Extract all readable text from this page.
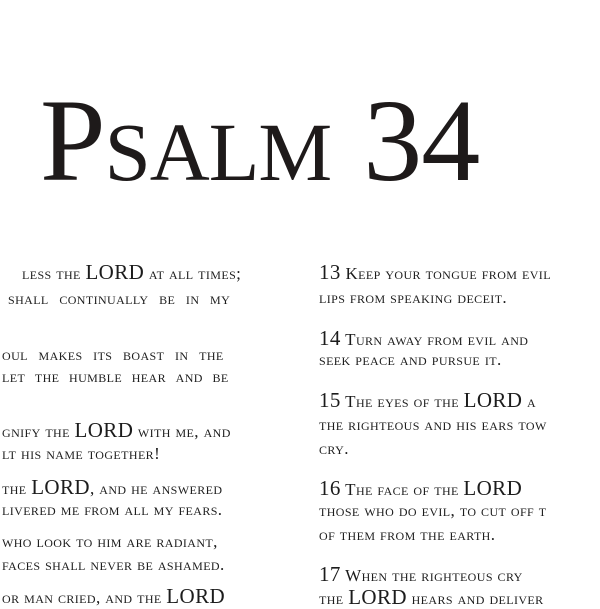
Psalm 34
less the LORD at all times;
shall continually be in my
oul makes its boast in the
let the humble hear and be
gnify the LORD with me, and
lt his name together!
the LORD, and he answered
livered me from all my fears.
who look to him are radiant,
faces shall never be ashamed.
or man cried, and the LORD
13 Keep your tongue from evil
lips from speaking deceit.
14 Turn away from evil and
seek peace and pursue it.
15 The eyes of the LORD a
the righteous and his ears tow
cry.
16 The face of the LORD
those who do evil, to cut off t
of them from the earth.
17 When the righteous cry
the LORD hears and deliver
